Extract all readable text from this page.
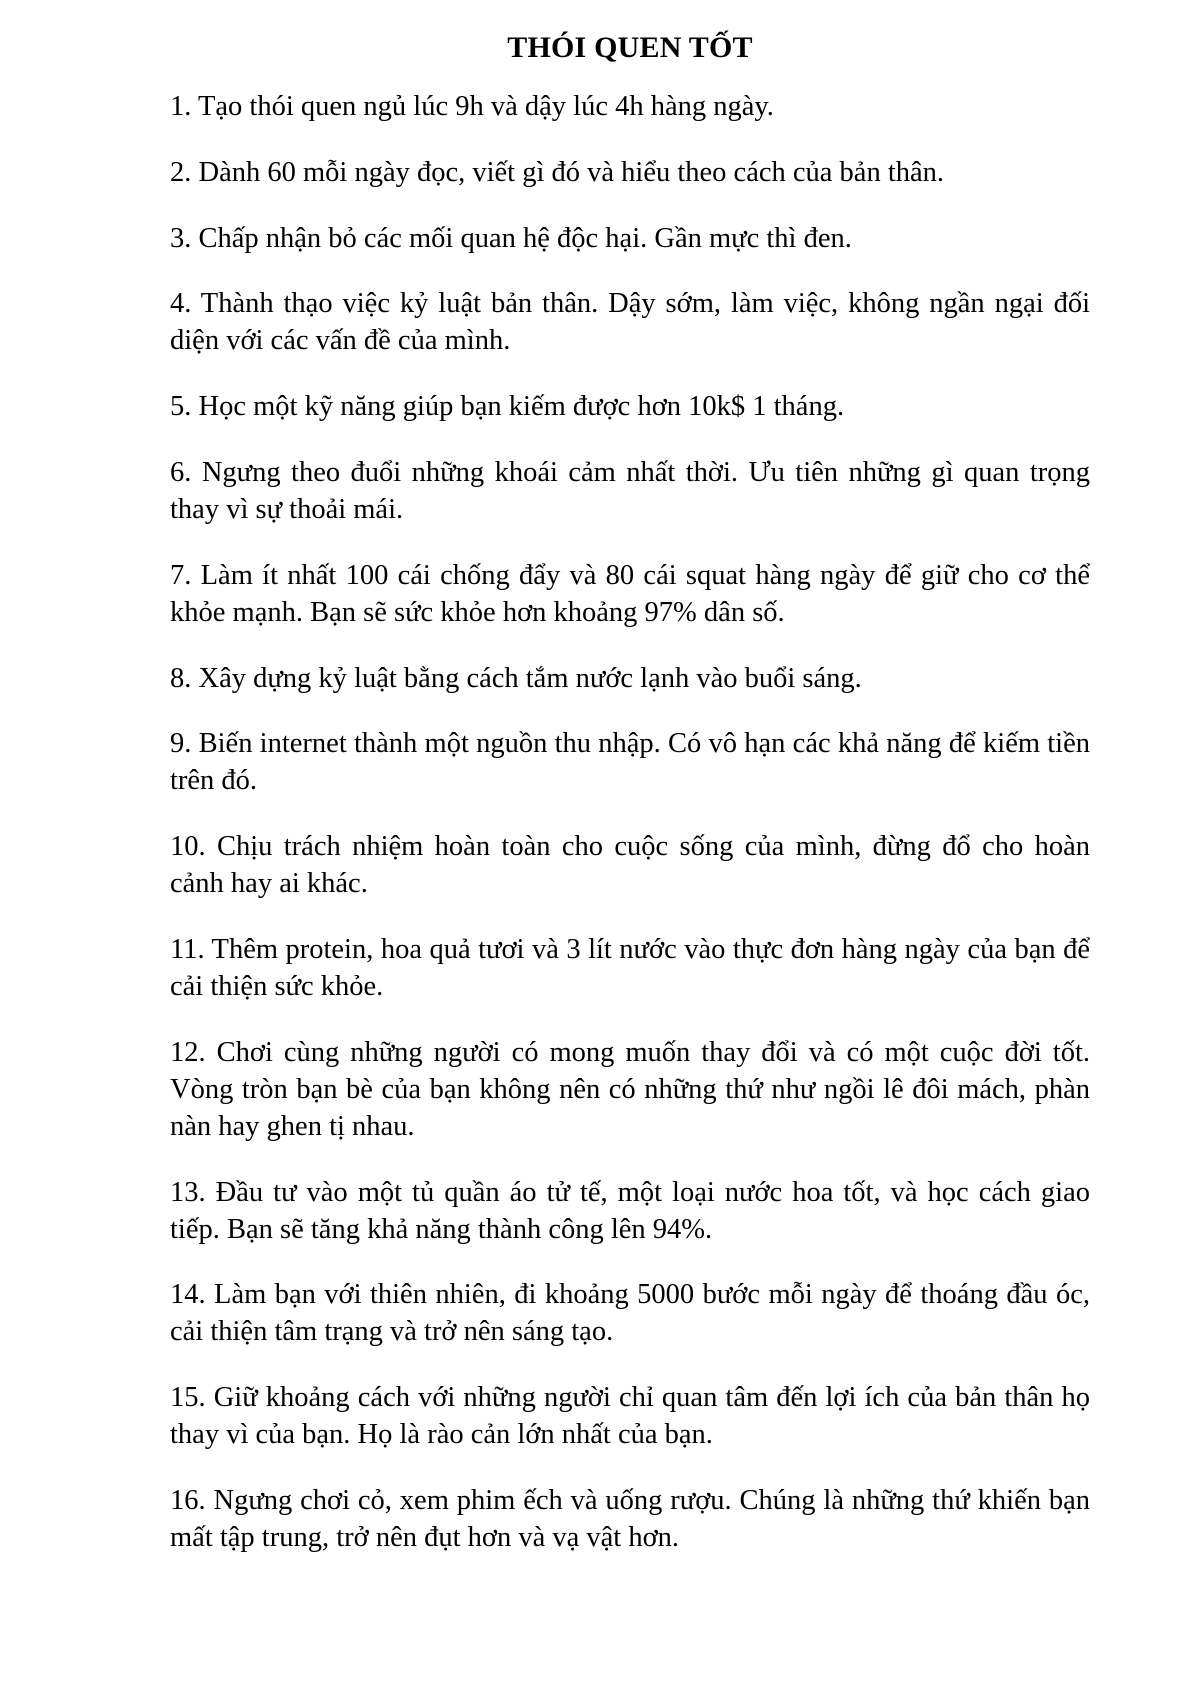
THÓI QUEN TỐT
1. Tạo thói quen ngủ lúc 9h và dậy lúc 4h hàng ngày.
2. Dành 60 mỗi ngày đọc, viết gì đó và hiểu theo cách của bản thân.
3. Chấp nhận bỏ các mối quan hệ độc hại. Gần mực thì đen.
4. Thành thạo việc kỷ luật bản thân. Dậy sớm, làm việc, không ngần ngại đối diện với các vấn đề của mình.
5. Học một kỹ năng giúp bạn kiếm được hơn 10k$ 1 tháng.
6. Ngưng theo đuổi những khoái cảm nhất thời. Ưu tiên những gì quan trọng thay vì sự thoải mái.
7. Làm ít nhất 100 cái chống đẩy và 80 cái squat hàng ngày để giữ cho cơ thể khỏe mạnh. Bạn sẽ sức khỏe hơn khoảng 97% dân số.
8. Xây dựng kỷ luật bằng cách tắm nước lạnh vào buổi sáng.
9. Biến internet thành một nguồn thu nhập. Có vô hạn các khả năng để kiếm tiền trên đó.
10. Chịu trách nhiệm hoàn toàn cho cuộc sống của mình, đừng đổ cho hoàn cảnh hay ai khác.
11. Thêm protein, hoa quả tươi và 3 lít nước vào thực đơn hàng ngày của bạn để cải thiện sức khỏe.
12. Chơi cùng những người có mong muốn thay đổi và có một cuộc đời tốt. Vòng tròn bạn bè của bạn không nên có những thứ như ngồi lê đôi mách, phàn nàn hay ghen tị nhau.
13. Đầu tư vào một tủ quần áo tử tế, một loại nước hoa tốt, và học cách giao tiếp. Bạn sẽ tăng khả năng thành công lên 94%.
14. Làm bạn với thiên nhiên, đi khoảng 5000 bước mỗi ngày để thoáng đầu óc, cải thiện tâm trạng và trở nên sáng tạo.
15. Giữ khoảng cách với những người chỉ quan tâm đến lợi ích của bản thân họ thay vì của bạn. Họ là rào cản lớn nhất của bạn.
16. Ngưng chơi cỏ, xem phim ếch và uống rượu. Chúng là những thứ khiến bạn mất tập trung, trở nên đụt hơn và vạ vật hơn.
